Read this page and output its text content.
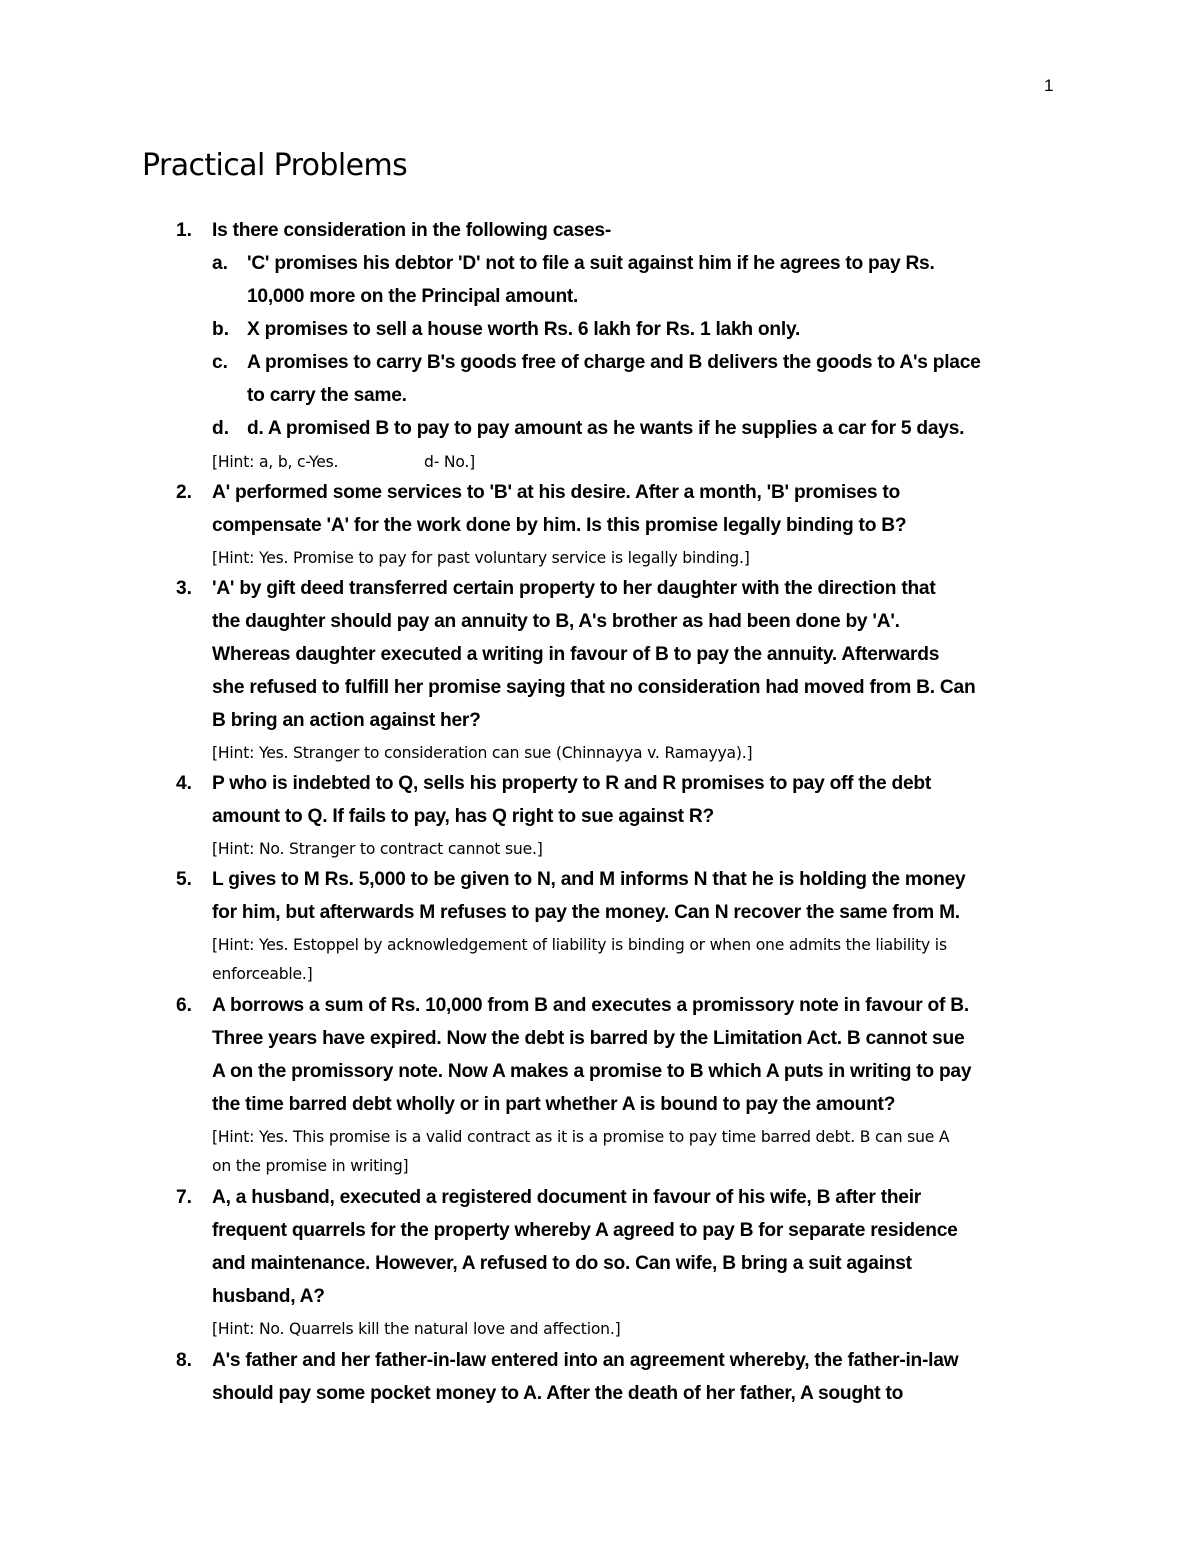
1
Practical Problems
1. Is there consideration in the following cases-
a. 'C' promises his debtor 'D' not to file a suit against him if he agrees to pay Rs.
10,000 more on the Principal amount.
b. X promises to sell a house worth Rs. 6 lakh for Rs. 1 lakh only.
c. A promises to carry B's goods free of charge and B delivers the goods to A's place
to carry the same.
d. d. A promised B to pay to pay amount as he wants if he supplies a car for 5 days.
[Hint: a, b, c-Yes.	d- No.]
2. A' performed some services to 'B' at his desire. After a month, 'B' promises to
compensate 'A' for the work done by him. Is this promise legally binding to B?
[Hint: Yes. Promise to pay for past voluntary service is legally binding.]
3. 'A' by gift deed transferred certain property to her daughter with the direction that
the daughter should pay an annuity to B, A's brother as had been done by 'A'.
Whereas daughter executed a writing in favour of B to pay the annuity. Afterwards
she refused to fulfill her promise saying that no consideration had moved from B. Can
B bring an action against her?
[Hint: Yes. Stranger to consideration can sue (Chinnayya v. Ramayya).]
4. P who is indebted to Q, sells his property to R and R promises to pay off the debt
amount to Q. If fails to pay, has Q right to sue against R?
[Hint: No. Stranger to contract cannot sue.]
5. L gives to M Rs. 5,000 to be given to N, and M informs N that he is holding the money
for him, but afterwards M refuses to pay the money. Can N recover the same from M.
[Hint: Yes. Estoppel by acknowledgement of liability is binding or when one admits the liability is
enforceable.]
6. A borrows a sum of Rs. 10,000 from B and executes a promissory note in favour of B.
Three years have expired. Now the debt is barred by the Limitation Act. B cannot sue
A on the promissory note. Now A makes a promise to B which A puts in writing to pay
the time barred debt wholly or in part whether A is bound to pay the amount?
[Hint: Yes. This promise is a valid contract as it is a promise to pay time barred debt. B can sue A
on the promise in writing]
7. A, a husband, executed a registered document in favour of his wife, B after their
frequent quarrels for the property whereby A agreed to pay B for separate residence
and maintenance. However, A refused to do so. Can wife, B bring a suit against
husband, A?
[Hint: No. Quarrels kill the natural love and affection.]
8. A's father and her father-in-law entered into an agreement whereby, the father-in-law
should pay some pocket money to A. After the death of her father, A sought to
